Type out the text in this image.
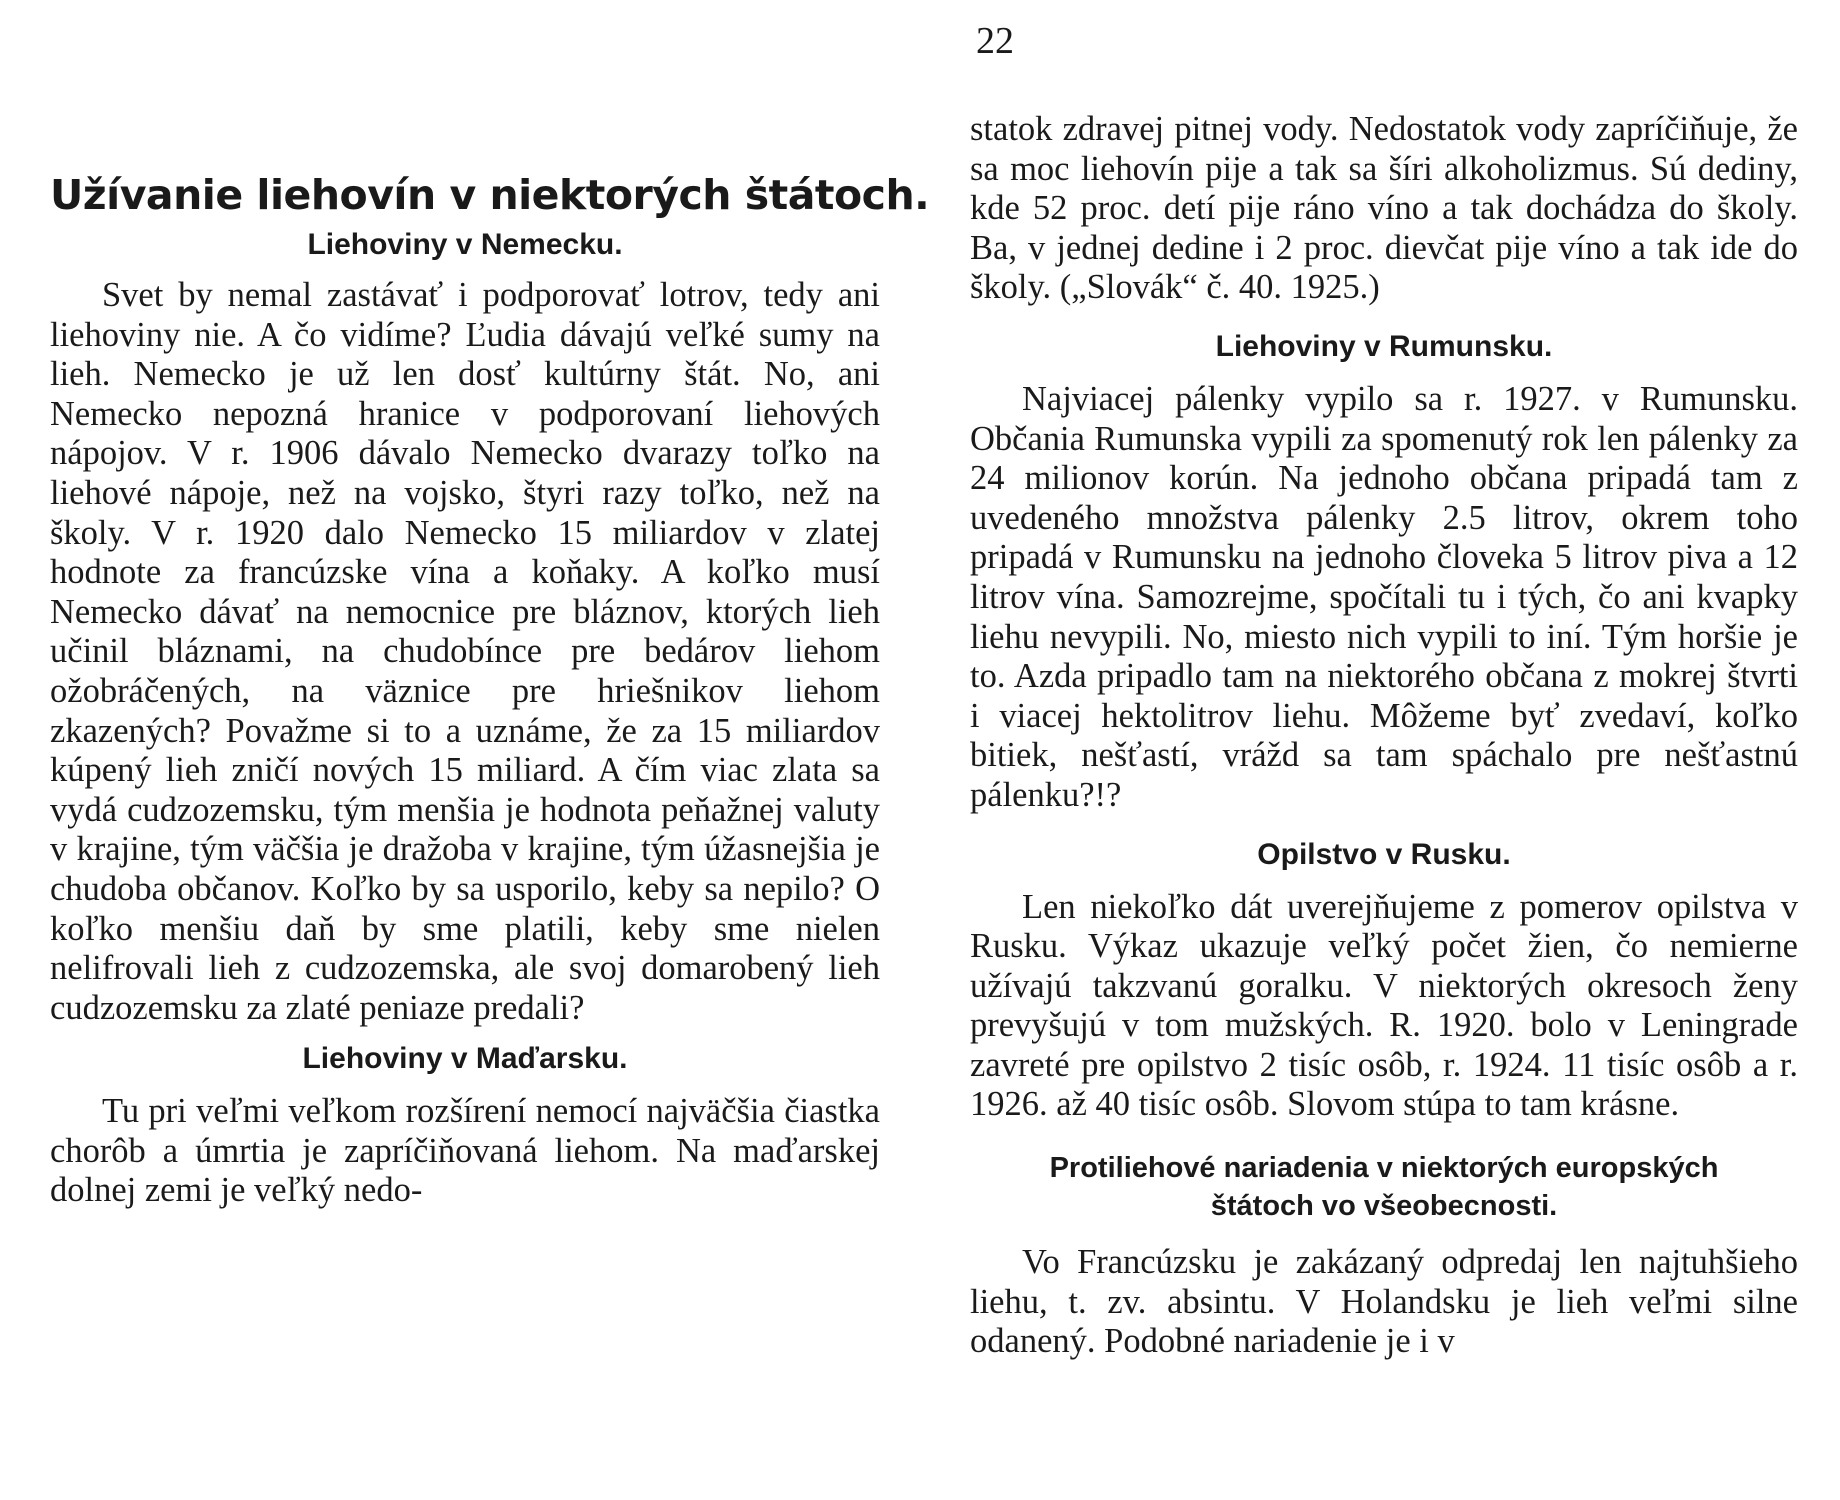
22
Užívanie liehovín v niektorých štátoch.
Liehoviny v Nemecku.

Svet by nemal zastávať i podporovať lotrov, tedy ani liehoviny nie. A čo vidíme? Ľudia dávajú veľké sumy na lieh. Nemecko je už len dosť kultúrny štát. No, ani Nemecko nepozná hranice v podporovaní liehových nápojov. V r. 1906 dávalo Nemecko dvarazy toľko na liehové nápoje, než na vojsko, štyri razy toľko, než na školy. V r. 1920 dalo Nemecko 15 miliardov v zlatej hodnote za francúzske vína a koňaky. A koľko musí Nemecko dávať na nemocnice pre bláznov, ktorých lieh učinil bláznami, na chudobínce pre bedárov liehom ožobráčených, na väznice pre hriešnikov liehom zkazených? Považme si to a uznáme, že za 15 miliardov kúpený lieh zničí nových 15 miliard. A čím viac zlata sa vydá cudzozemsku, tým menšia je hodnota peňažnej valuty v krajine, tým väčšia je dražoba v krajine, tým úžasnejšia je chudoba občanov. Koľko by sa usporilo, keby sa nepilo? O koľko menšiu daň by sme platili, keby sme nielen nelifrovali lieh z cudzozemska, ale svoj domarobený lieh cudzozemsku za zlaté peniaze predali?

Liehoviny v Maďarsku.

Tu pri veľmi veľkom rozšírení nemocí najväčšia čiastka chorôb a úmrtia je zapríčiňovaná liehom. Na maďarskej dolnej zemi je veľký nedo-

statok zdravej pitnej vody. Nedostatok vody zapríčiňuje, že sa moc liehovín pije a tak sa šíri alkoholizmus. Sú dediny, kde 52 proc. detí pije ráno víno a tak dochádza do školy. Ba, v jednej dedine i 2 proc. dievčat pije víno a tak ide do školy. („Slovák“ č. 40. 1925.)

Liehoviny v Rumunsku.

Najviacej pálenky vypilo sa r. 1927. v Rumunsku. Občania Rumunska vypili za spomenutý rok len pálenky za 24 milionov korún. Na jednoho občana pripadá tam z uvedeného množstva pálenky 2.5 litrov, okrem toho pripadá v Rumunsku na jednoho človeka 5 litrov piva a 12 litrov vína. Samozrejme, spočítali tu i tých, čo ani kvapky liehu nevypili. No, miesto nich vypili to iní. Tým horšie je to. Azda pripadlo tam na niektorého občana z mokrej štvrti i viacej hektolitrov liehu. Môžeme byť zvedaví, koľko bitiek, nešťastí, vrážd sa tam spáchalo pre nešťastnú pálenku?!?

Opilstvo v Rusku.

Len niekoľko dát uverejňujeme z pomerov opilstva v Rusku. Výkaz ukazuje veľký počet žien, čo nemierne užívajú takzvanú goralku. V niektorých okresoch ženy prevyšujú v tom mužských. R. 1920. bolo v Leningrade zavreté pre opilstvo 2 tisíc osôb, r. 1924. 11 tisíc osôb a r. 1926. až 40 tisíc osôb. Slovom stúpa to tam krásne.

Protiliehové nariadenia v niektorých europských
štátoch vo všeobecnosti.

Vo Francúzsku je zakázaný odpredaj len najtuhšieho liehu, t. zv. absintu. V Holandsku je lieh veľmi silne odanený. Podobné nariadenie je i v
